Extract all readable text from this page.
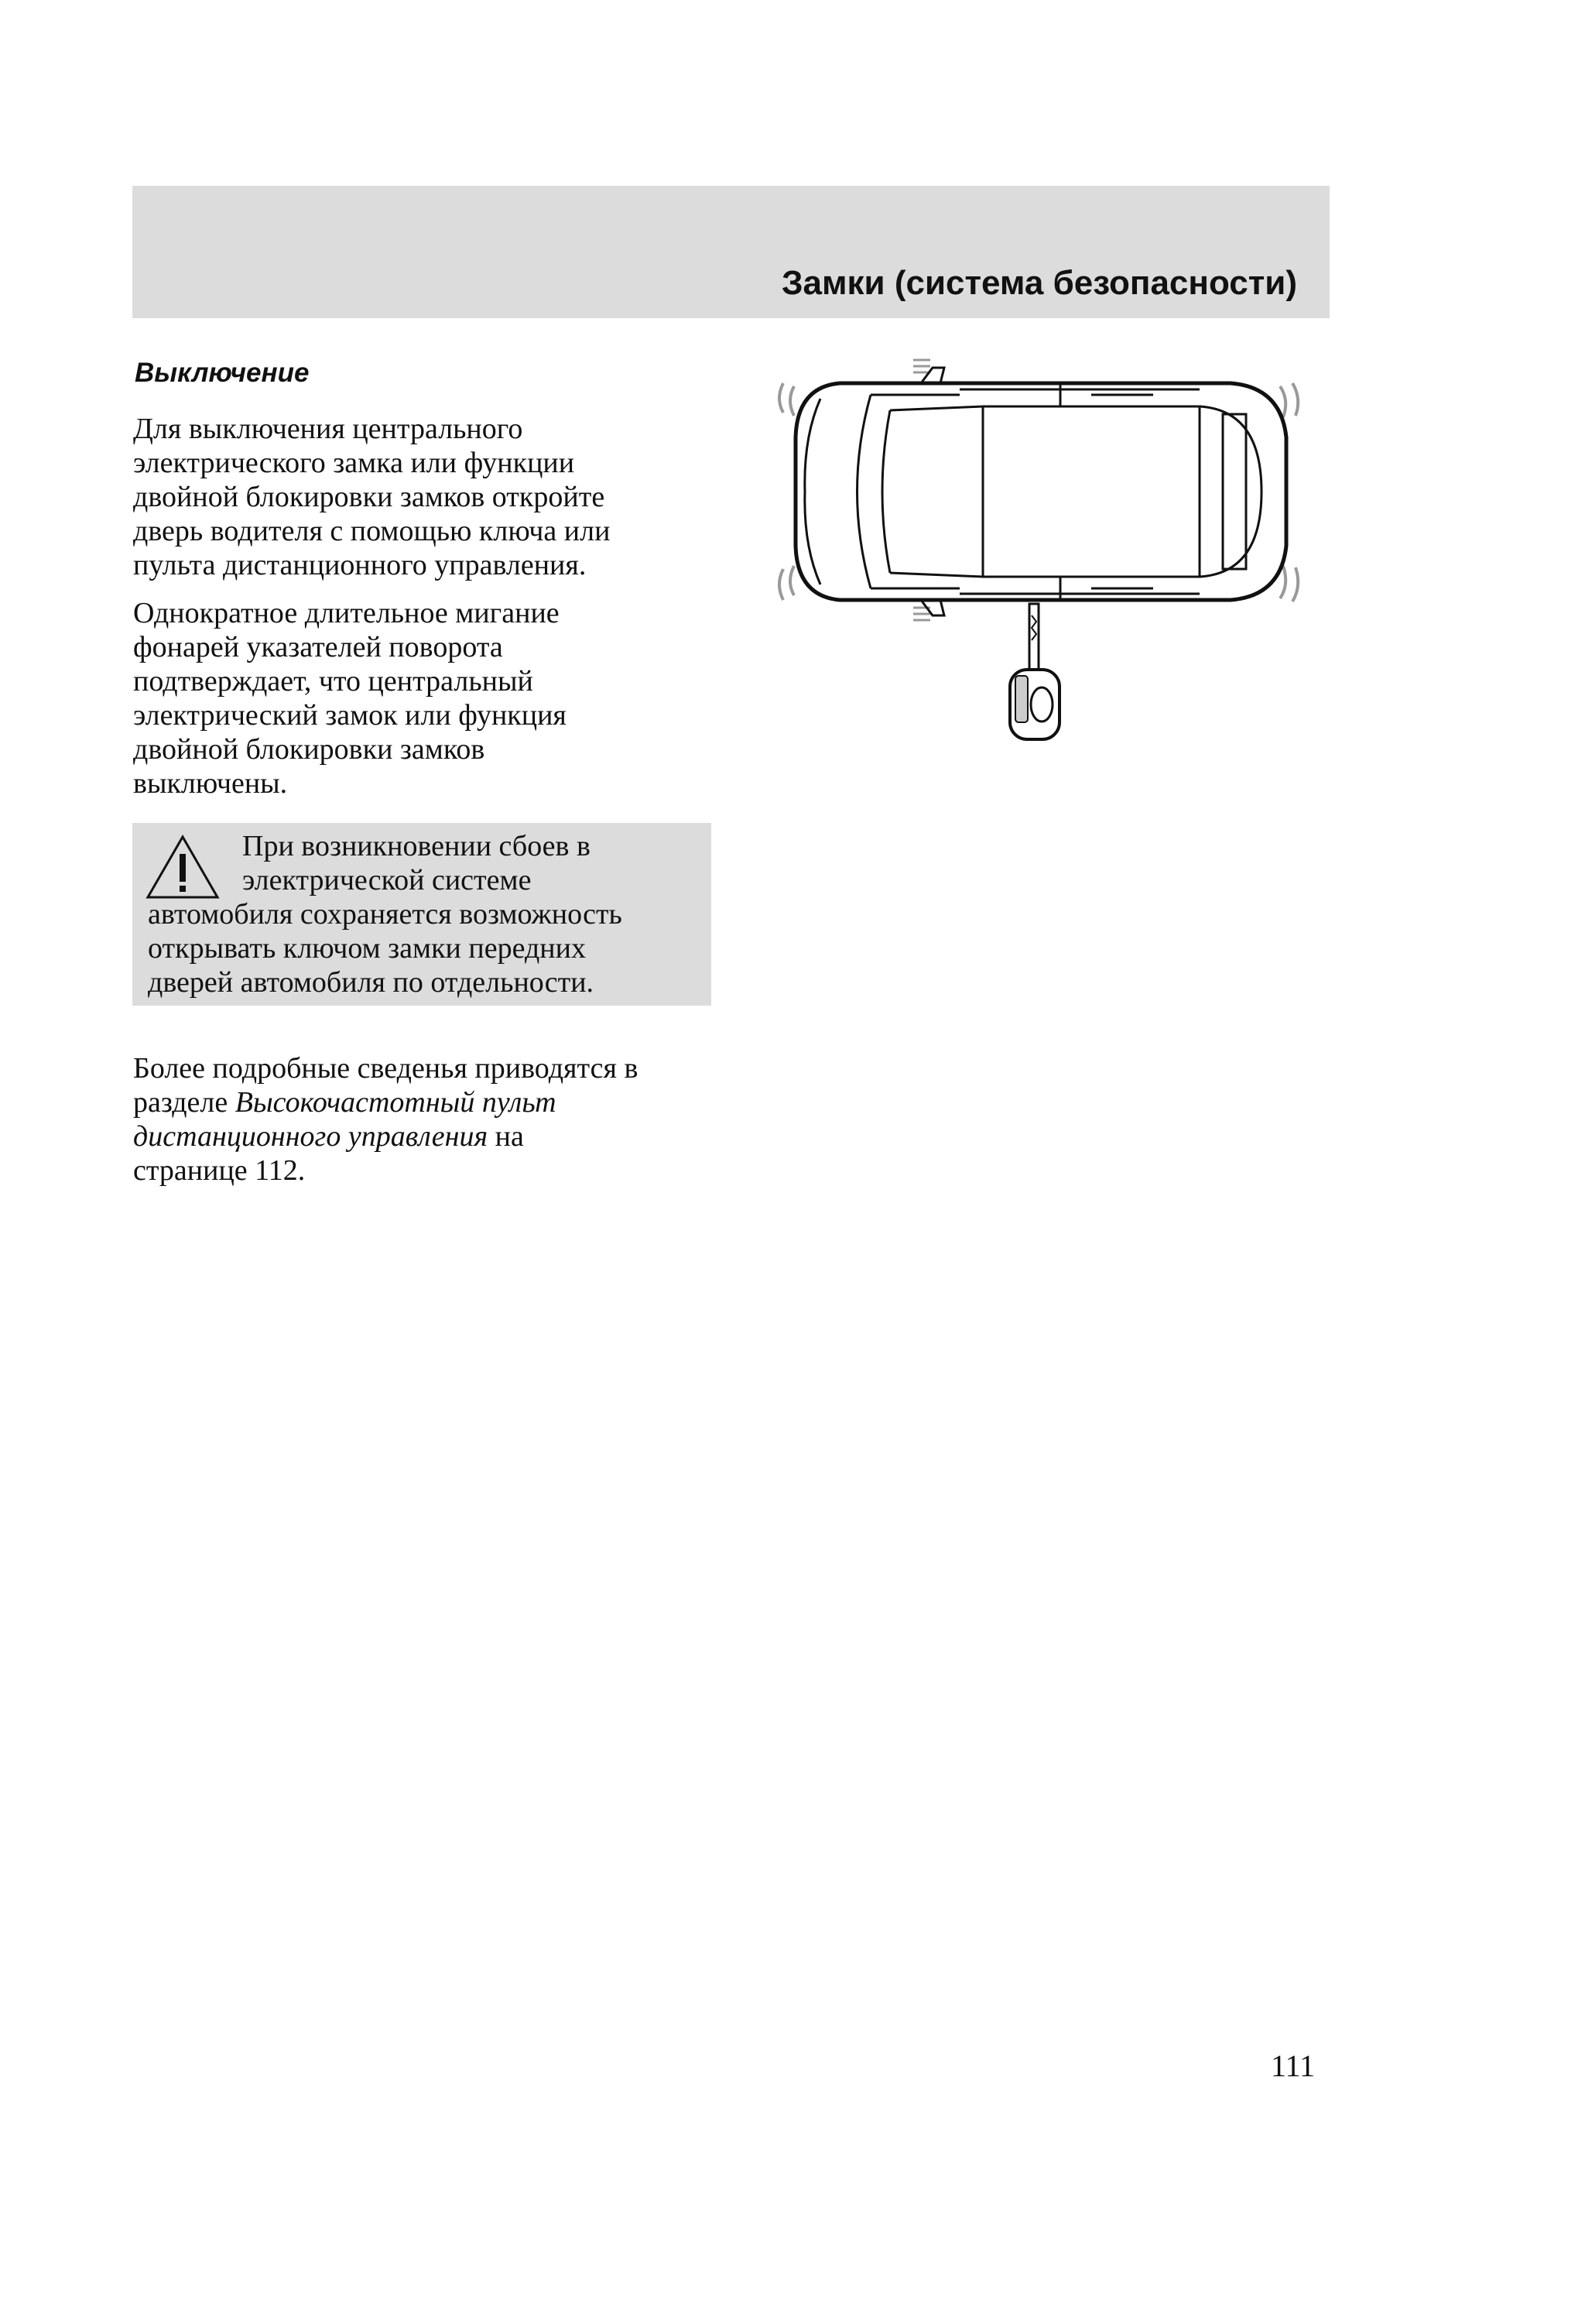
Замки (система безопасности)
Выключение

Для выключения центрального
электрического замка или функции
двойной блокировки замков откройте
дверь водителя с помощью ключа или
пульта дистанционного управления.

Однократное длительное мигание
фонарей указателей поворота
подтверждает, что центральный
электрический замок или функция
двойной блокировки замков
выключены.

При возникновении сбоев в
электрической системе
автомобиля сохраняется возможность
открывать ключом замки передних
дверей автомобиля по отдельности.

Более подробные сведенья приводятся в
разделе Высокочастотный пульт
дистанционного управления на
странице 112.

111
